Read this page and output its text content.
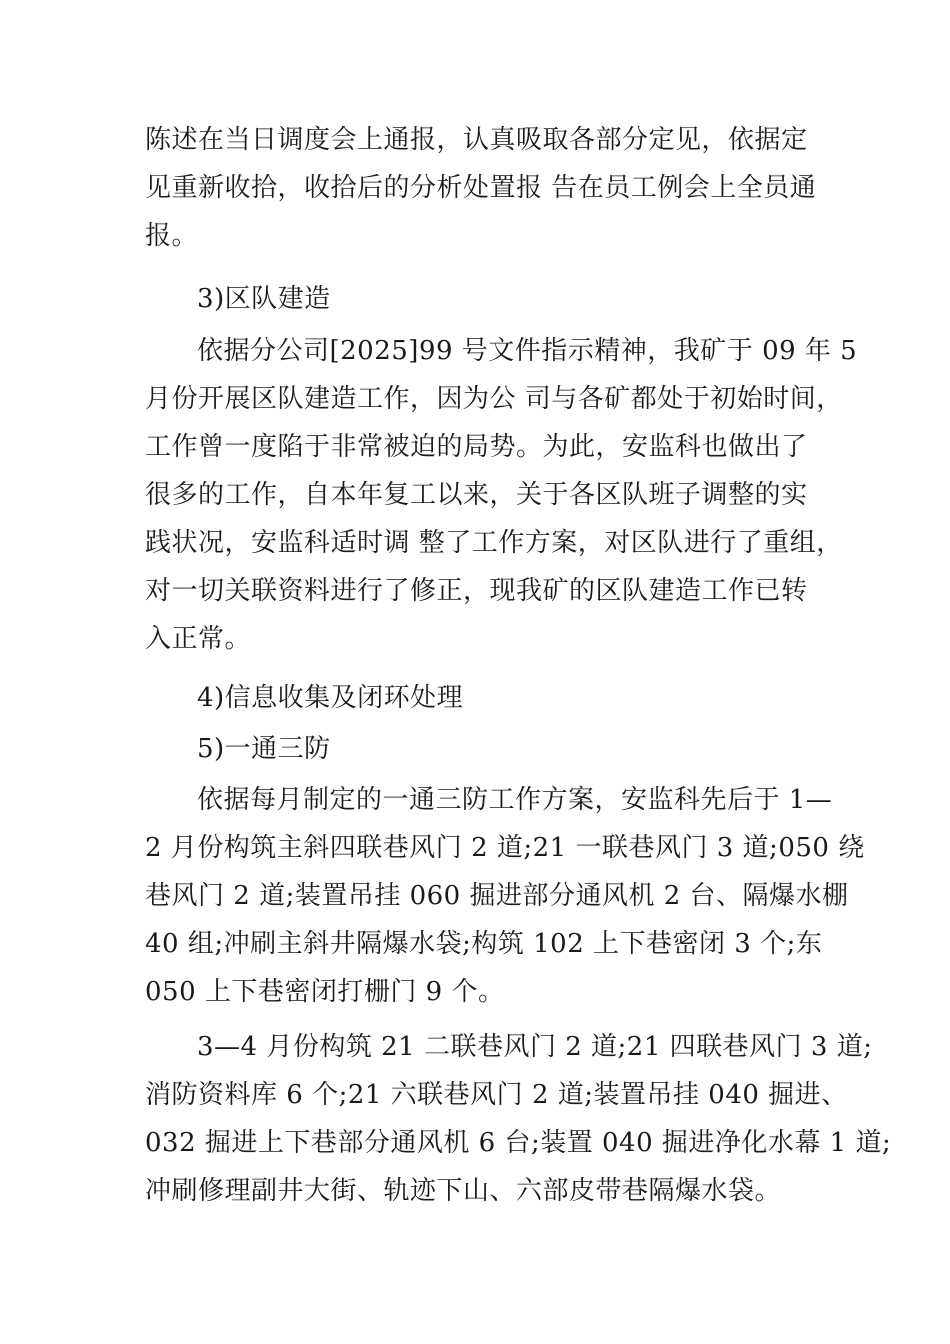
陈述在当日调度会上通报，认真吸取各部分定见，依据定
见重新收拾，收拾后的分析处置报 告在员工例会上全员通
报。
3)区队建造
依据分公司[2025]99 号文件指示精神，我矿于 09 年 5
月份开展区队建造工作，因为公 司与各矿都处于初始时间，
工作曾一度陷于非常被迫的局势。为此，安监科也做出了
很多的工作，自本年复工以来，关于各区队班子调整的实
践状况，安监科适时调 整了工作方案，对区队进行了重组，
对一切关联资料进行了修正，现我矿的区队建造工作已转
入正常。
4)信息收集及闭环处理
5)一通三防
依据每月制定的一通三防工作方案，安监科先后于 1—
2 月份构筑主斜四联巷风门 2 道;21 一联巷风门 3 道;050 绕
巷风门 2 道;装置吊挂 060 掘进部分通风机 2 台、隔爆水棚
40 组;冲刷主斜井隔爆水袋;构筑 102 上下巷密闭 3 个;东
050 上下巷密闭打栅门 9 个。
3—4 月份构筑 21 二联巷风门 2 道;21 四联巷风门 3 道;
消防资料库 6 个;21 六联巷风门 2 道;装置吊挂 040 掘进、
032 掘进上下巷部分通风机 6 台;装置 040 掘进净化水幕 1 道;
冲刷修理副井大街、轨迹下山、六部皮带巷隔爆水袋。
